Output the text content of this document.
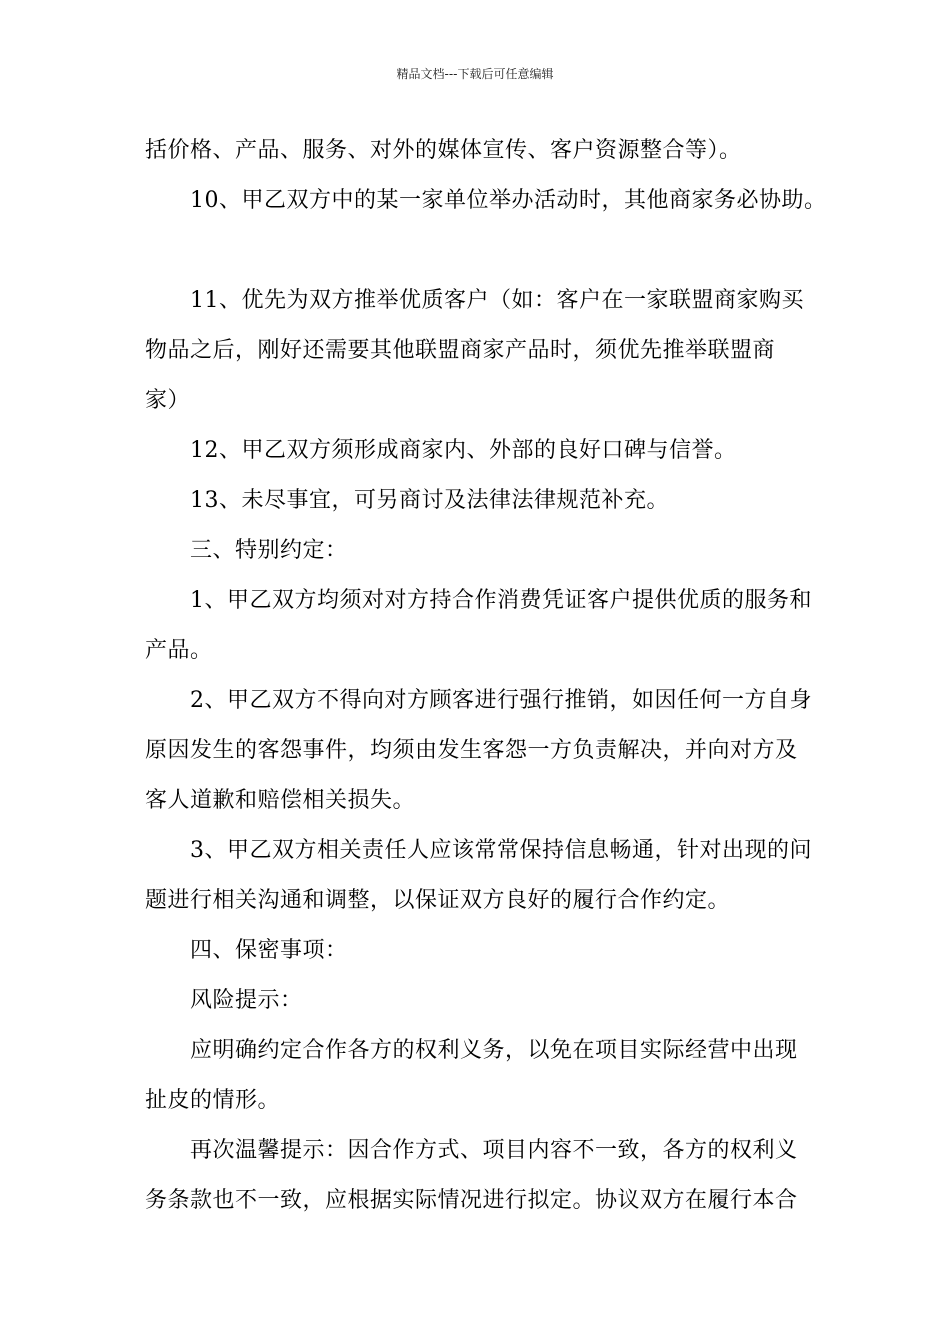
精品文档---下载后可任意编辑
括价格、产品、服务、对外的媒体宣传、客户资源整合等）。
10、甲乙双方中的某一家单位举办活动时，其他商家务必协助。
11、优先为双方推举优质客户（如：客户在一家联盟商家购买
物品之后，刚好还需要其他联盟商家产品时，须优先推举联盟商
家）
12、甲乙双方须形成商家内、外部的良好口碑与信誉。
13、未尽事宜，可另商讨及法律法律规范补充。
三、特别约定：
1、甲乙双方均须对对方持合作消费凭证客户提供优质的服务和
产品。
2、甲乙双方不得向对方顾客进行强行推销，如因任何一方自身
原因发生的客怨事件，均须由发生客怨一方负责解决，并向对方及
客人道歉和赔偿相关损失。
3、甲乙双方相关责任人应该常常保持信息畅通，针对出现的问
题进行相关沟通和调整，以保证双方良好的履行合作约定。
四、保密事项：
风险提示：
应明确约定合作各方的权利义务，以免在项目实际经营中出现
扯皮的情形。
再次温馨提示：因合作方式、项目内容不一致，各方的权利义
务条款也不一致，应根据实际情况进行拟定。协议双方在履行本合
